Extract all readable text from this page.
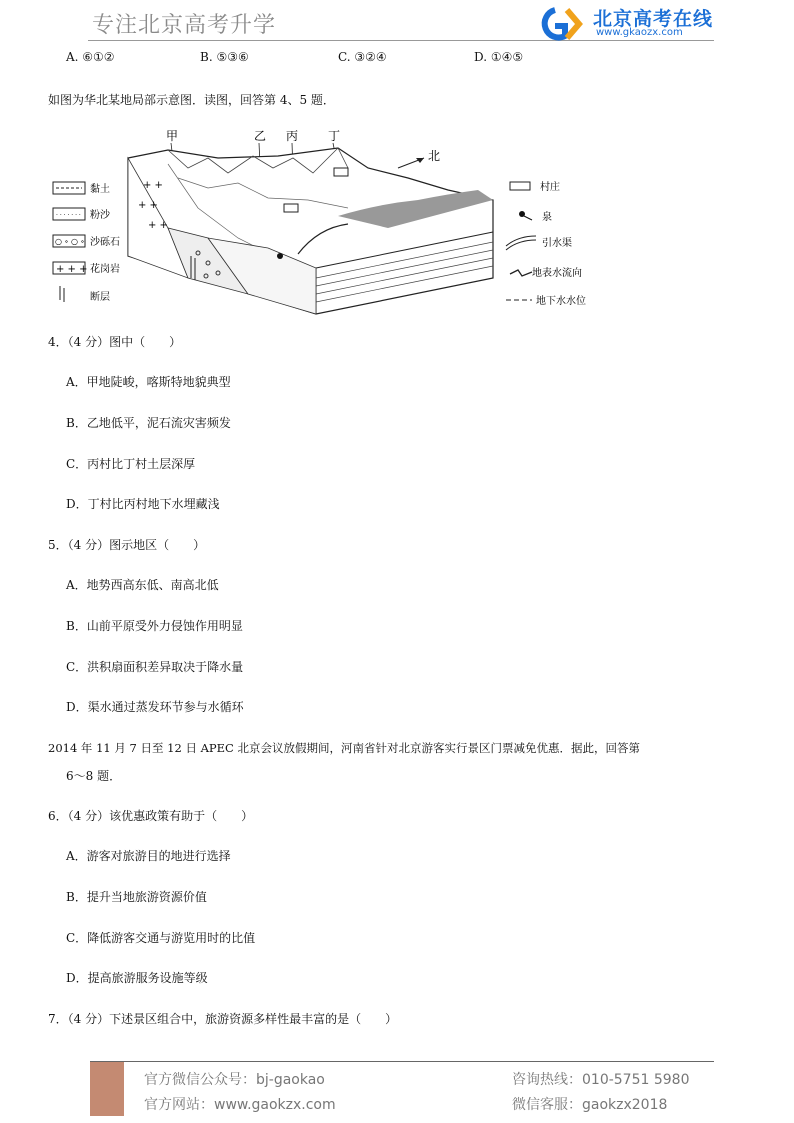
专注北京高考升学	北京高考在线
www.gkaozx.com
A. ⑥①②	B. ⑤③⑥	C. ③②④	D. ①④⑤
如图为华北某地局部示意图．读图，回答第 4、5 题．
甲	乙 丙 丁
北
+ +
+ +
+ +
黏土
· · · · · · · 粉沙
○ ∘ ○ ∘ 沙砾石
+ + + 花岗岩
断层
村庄
泉
引水渠
地表水流向
地下水水位
4．（4 分）图中（　　）
A．甲地陡峻，喀斯特地貌典型
B．乙地低平，泥石流灾害频发
C．丙村比丁村土层深厚
D．丁村比丙村地下水埋藏浅
5．（4 分）图示地区（　　）
A．地势西高东低、南高北低
B．山前平原受外力侵蚀作用明显
C．洪积扇面积差异取决于降水量
D．渠水通过蒸发环节参与水循环
2014 年 11 月 7 日至 12 日 APEC 北京会议放假期间，河南省针对北京游客实行景区门票减免优惠．据此，回答第
6～8 题．
6．（4 分）该优惠政策有助于（　　）
A．游客对旅游目的地进行选择
B．提升当地旅游资源价值
C．降低游客交通与游览用时的比值
D．提高旅游服务设施等级
7．（4 分）下述景区组合中，旅游资源多样性最丰富的是（　　）
官方微信公众号：bj-gaokao
官方网站：www.gaokzx.com
咨询热线：010-5751 5980
微信客服：gaokzx2018
